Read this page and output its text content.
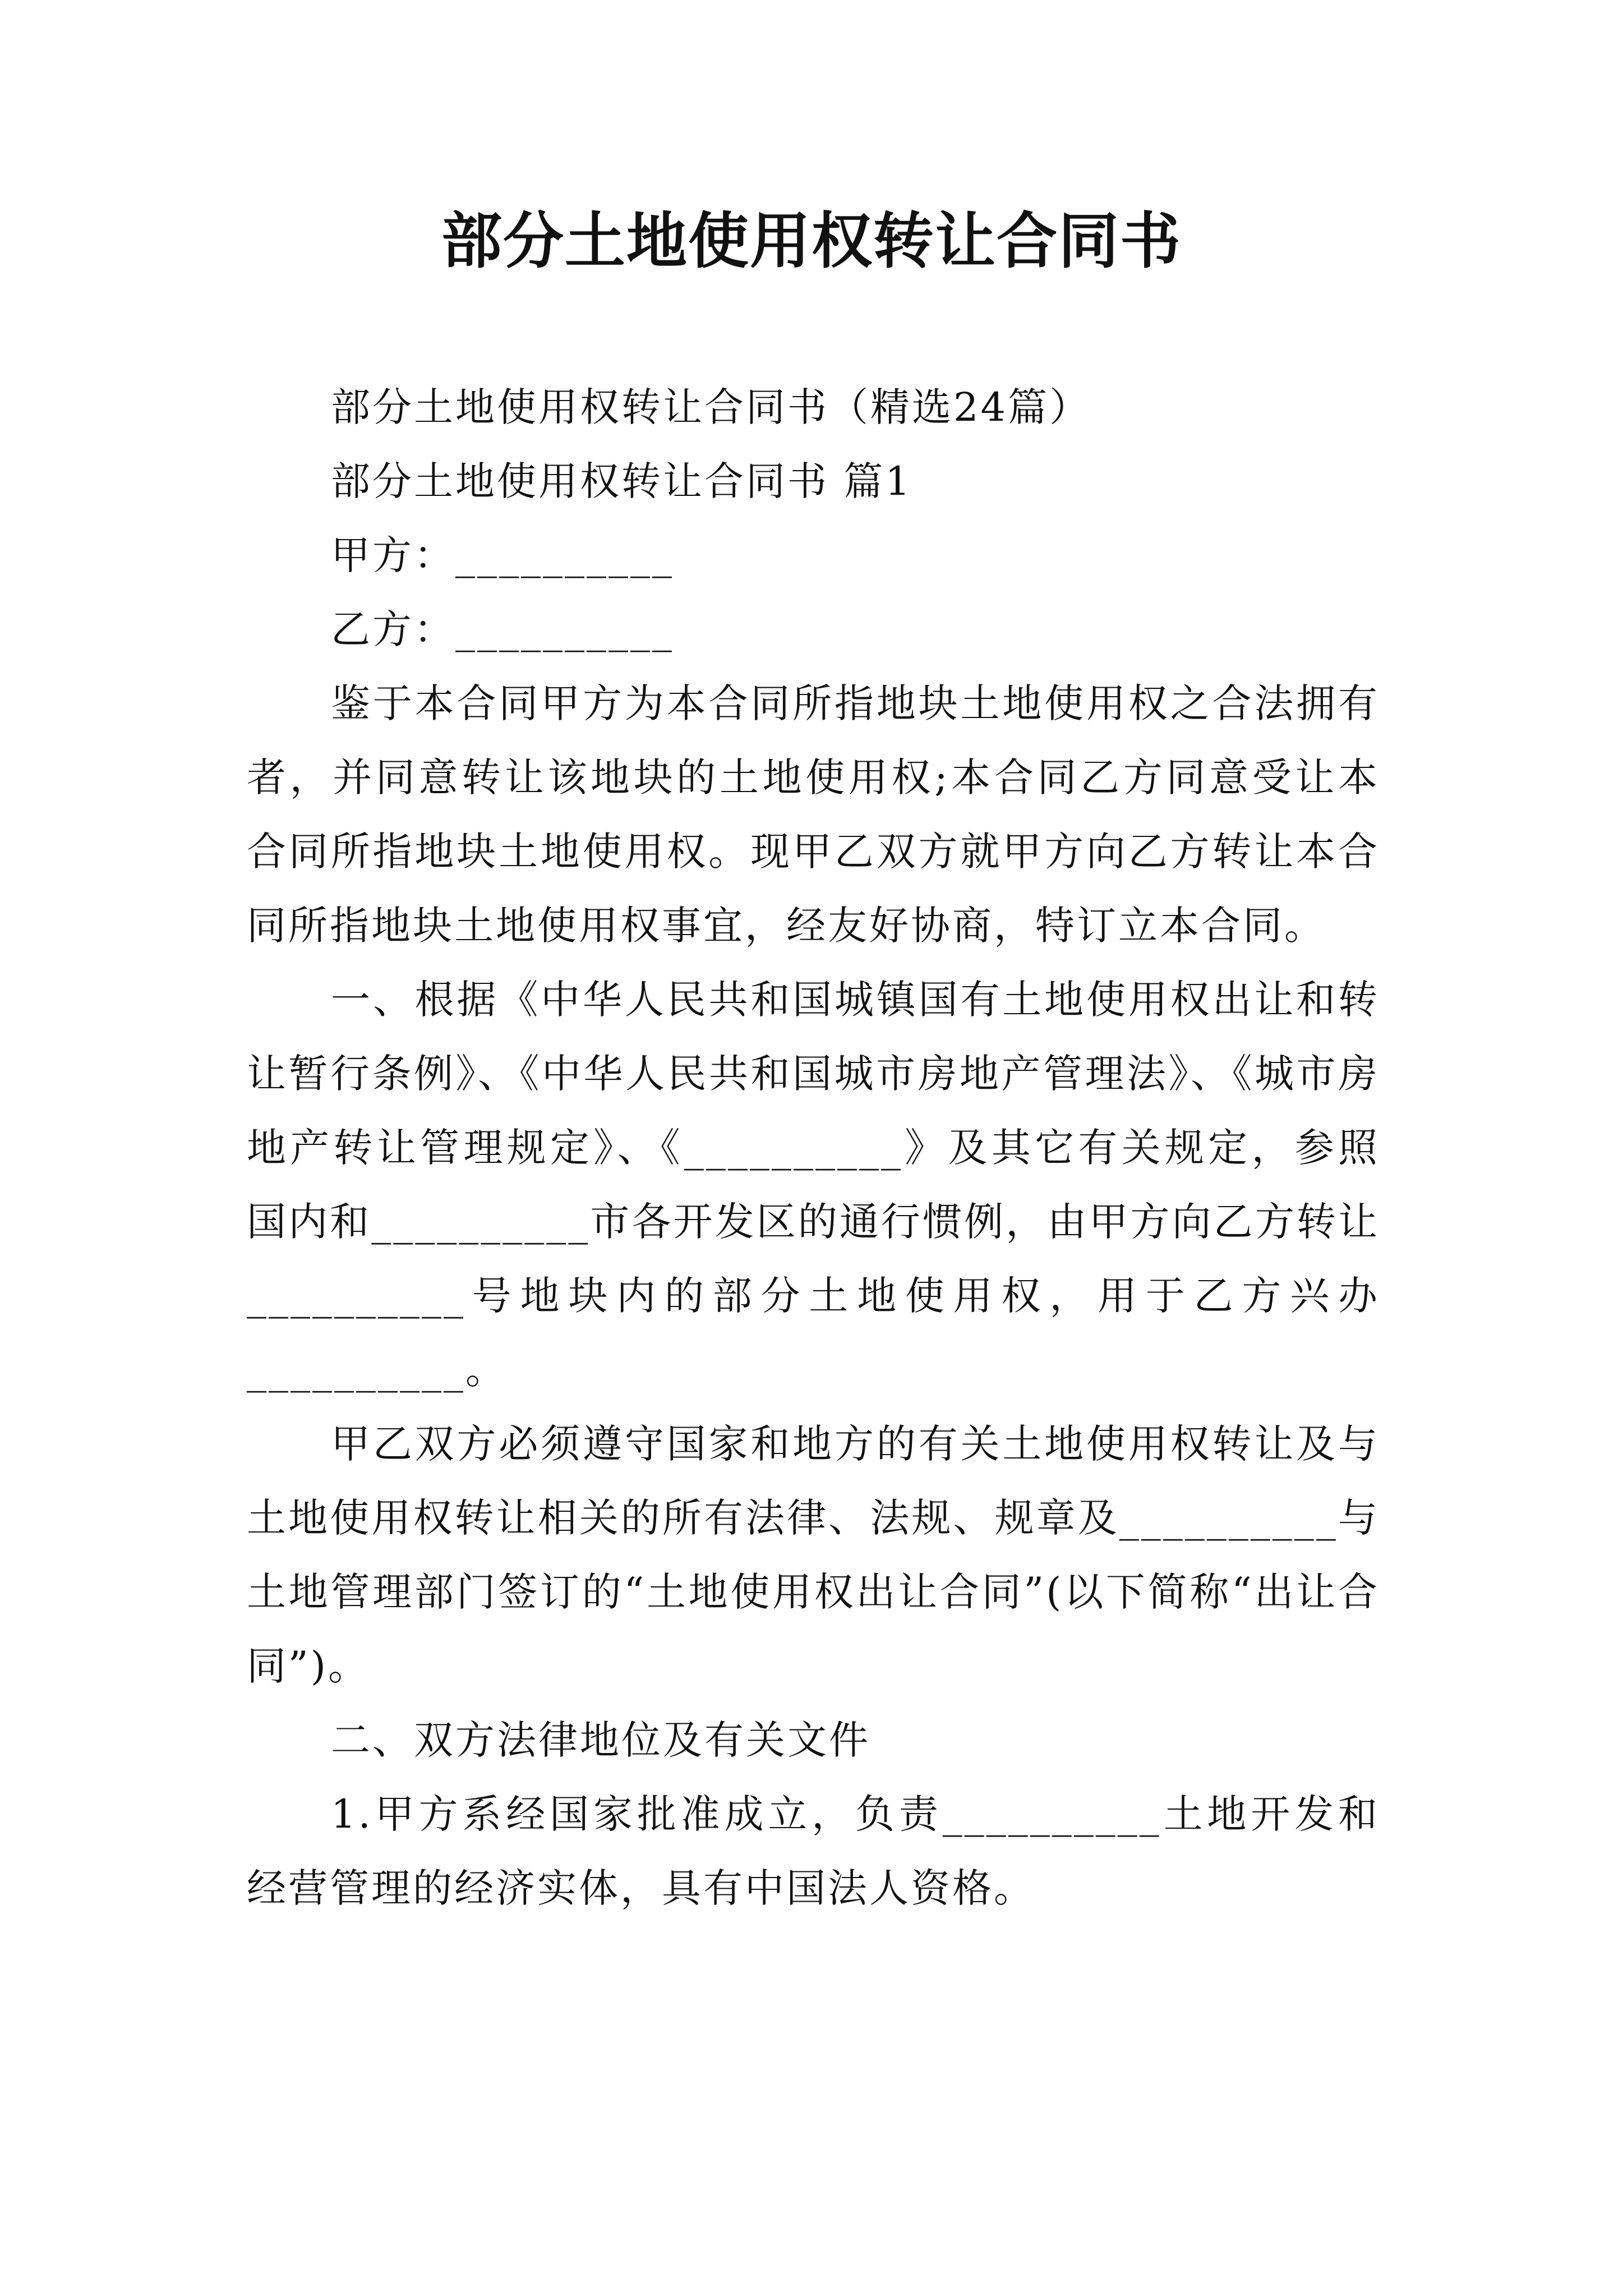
部分土地使用权转让合同书

部分土地使用权转让合同书（精选24篇）

部分土地使用权转让合同书 篇1

甲方：__________

乙方：__________

鉴于本合同甲方为本合同所指地块土地使用权之合法拥有者，并同意转让该地块的土地使用权;本合同乙方同意受让本合同所指地块土地使用权。现甲乙双方就甲方向乙方转让本合同所指地块土地使用权事宜，经友好协商，特订立本合同。

一、根据《中华人民共和国城镇国有土地使用权出让和转让暂行条例》、《中华人民共和国城市房地产管理法》、《城市房地产转让管理规定》、《__________》及其它有关规定，参照国内和__________市各开发区的通行惯例，由甲方向乙方转让__________号地块内的部分土地使用权，用于乙方兴办__________。

甲乙双方必须遵守国家和地方的有关土地使用权转让及与土地使用权转让相关的所有法律、法规、规章及__________与土地管理部门签订的“土地使用权出让合同”(以下简称“出让合同”)。

二、双方法律地位及有关文件

1.甲方系经国家批准成立，负责__________土地开发和经营管理的经济实体，具有中国法人资格。
